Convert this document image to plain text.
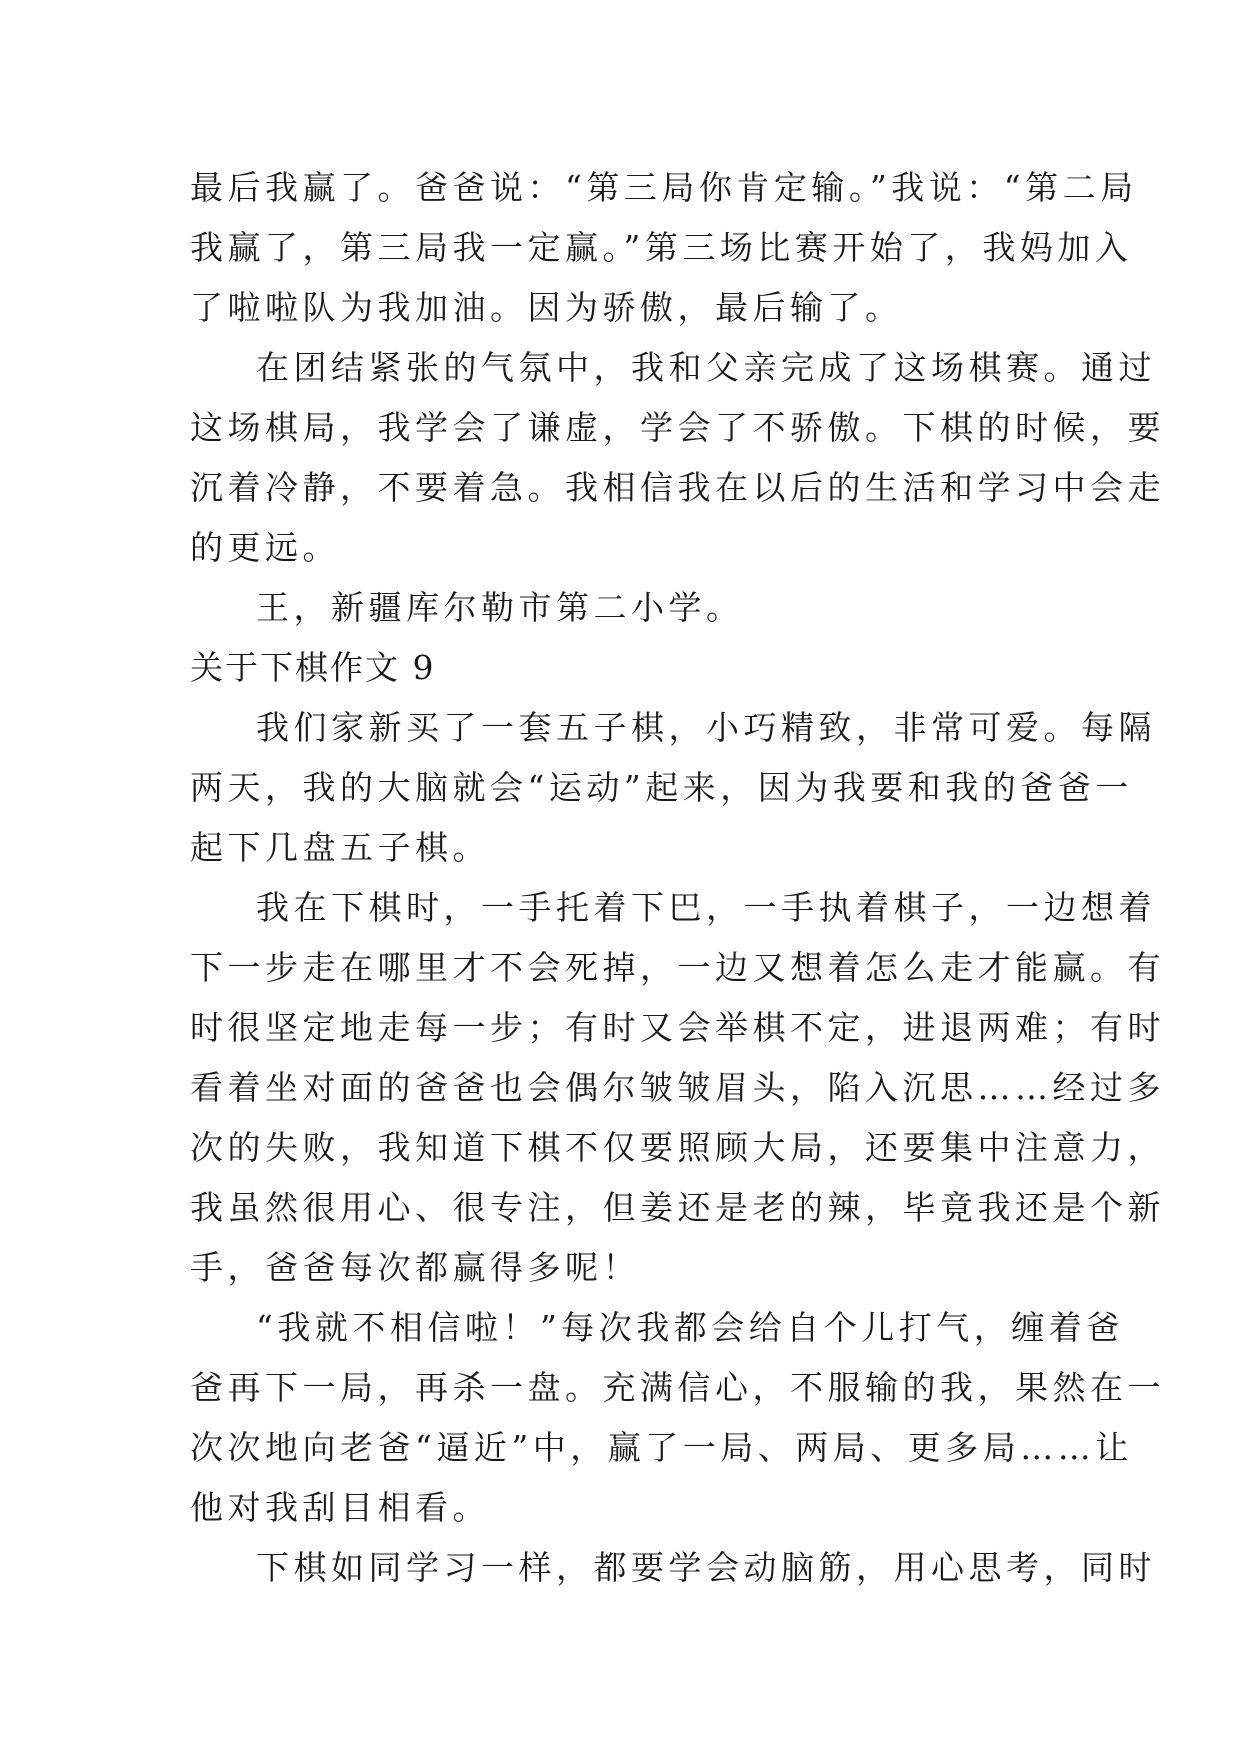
最后我赢了。爸爸说：“第三局你肯定输。”我说：“第二局
我赢了，第三局我一定赢。”第三场比赛开始了，我妈加入
了啦啦队为我加油。因为骄傲，最后输了。
在团结紧张的气氛中，我和父亲完成了这场棋赛。通过
这场棋局，我学会了谦虚，学会了不骄傲。下棋的时候，要
沉着冷静，不要着急。我相信我在以后的生活和学习中会走
的更远。
王，新疆库尔勒市第二小学。
关于下棋作文 9
我们家新买了一套五子棋，小巧精致，非常可爱。每隔
两天，我的大脑就会“运动”起来，因为我要和我的爸爸一
起下几盘五子棋。
我在下棋时，一手托着下巴，一手执着棋子，一边想着
下一步走在哪里才不会死掉，一边又想着怎么走才能赢。有
时很坚定地走每一步；有时又会举棋不定，进退两难；有时
看着坐对面的爸爸也会偶尔皱皱眉头，陷入沉思……经过多
次的失败，我知道下棋不仅要照顾大局，还要集中注意力，
我虽然很用心、很专注，但姜还是老的辣，毕竟我还是个新
手，爸爸每次都赢得多呢！
“我就不相信啦！”每次我都会给自个儿打气，缠着爸
爸再下一局，再杀一盘。充满信心，不服输的我，果然在一
次次地向老爸“逼近”中，赢了一局、两局、更多局……让
他对我刮目相看。
下棋如同学习一样，都要学会动脑筋，用心思考，同时
